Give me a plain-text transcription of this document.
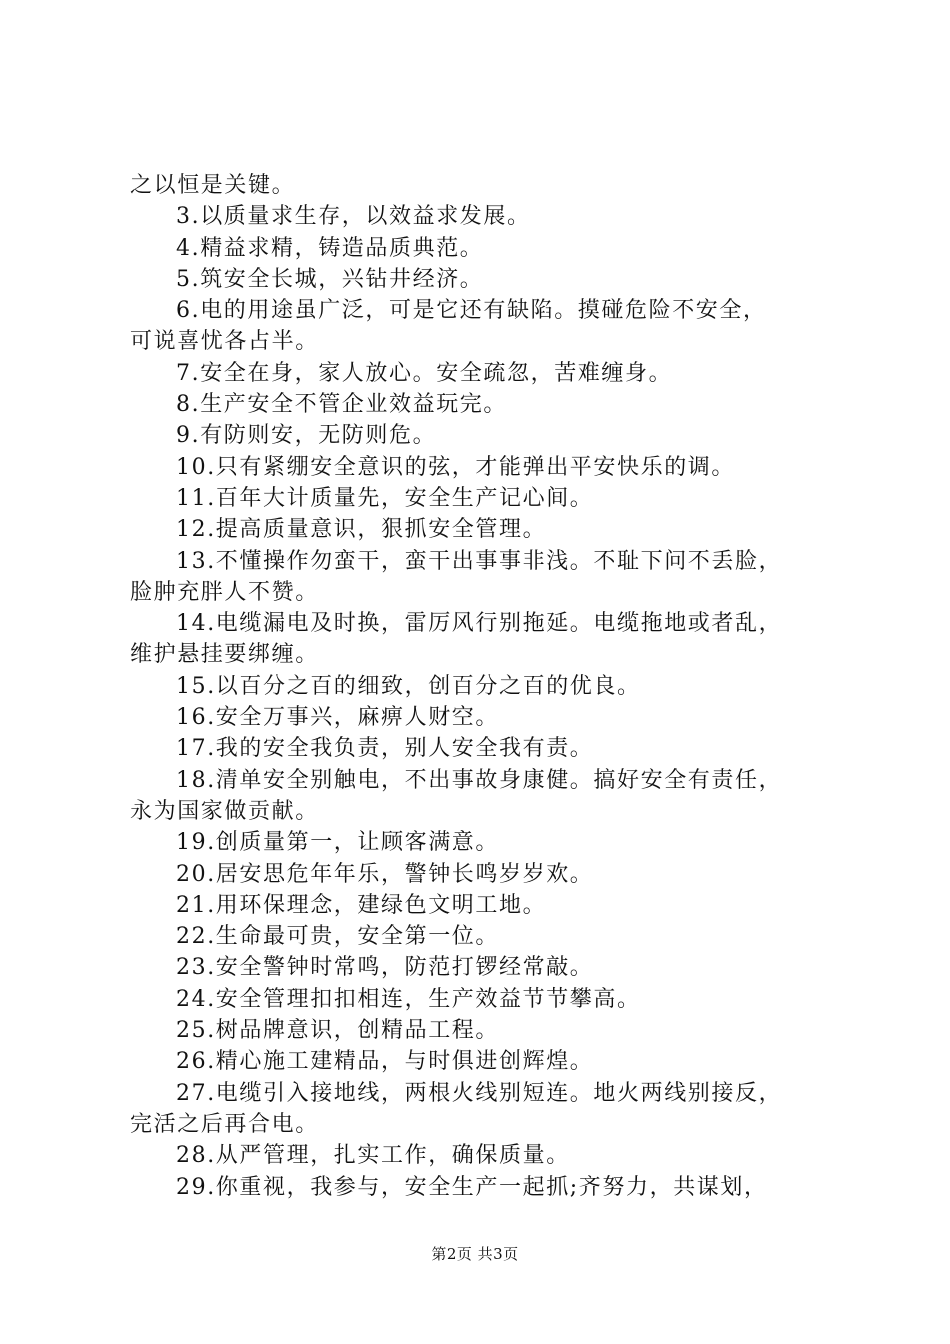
之以恒是关键。
3.以质量求生存，以效益求发展。
4.精益求精，铸造品质典范。
5.筑安全长城，兴钻井经济。
6.电的用途虽广泛，可是它还有缺陷。摸碰危险不安全，
可说喜忧各占半。
7.安全在身，家人放心。安全疏忽，苦难缠身。
8.生产安全不管企业效益玩完。
9.有防则安，无防则危。
10.只有紧绷安全意识的弦，才能弹出平安快乐的调。
11.百年大计质量先，安全生产记心间。
12.提高质量意识，狠抓安全管理。
13.不懂操作勿蛮干，蛮干出事事非浅。不耻下问不丢脸，
脸肿充胖人不赞。
14.电缆漏电及时换，雷厉风行别拖延。电缆拖地或者乱，
维护悬挂要绑缠。
15.以百分之百的细致，创百分之百的优良。
16.安全万事兴，麻痹人财空。
17.我的安全我负责，别人安全我有责。
18.清单安全别触电，不出事故身康健。搞好安全有责任，
永为国家做贡献。
19.创质量第一，让顾客满意。
20.居安思危年年乐，警钟长鸣岁岁欢。
21.用环保理念，建绿色文明工地。
22.生命最可贵，安全第一位。
23.安全警钟时常鸣，防范打锣经常敲。
24.安全管理扣扣相连，生产效益节节攀高。
25.树品牌意识，创精品工程。
26.精心施工建精品，与时俱进创辉煌。
27.电缆引入接地线，两根火线别短连。地火两线别接反，
完活之后再合电。
28.从严管理，扎实工作，确保质量。
29.你重视，我参与，安全生产一起抓;齐努力，共谋划，
第2页 共3页
